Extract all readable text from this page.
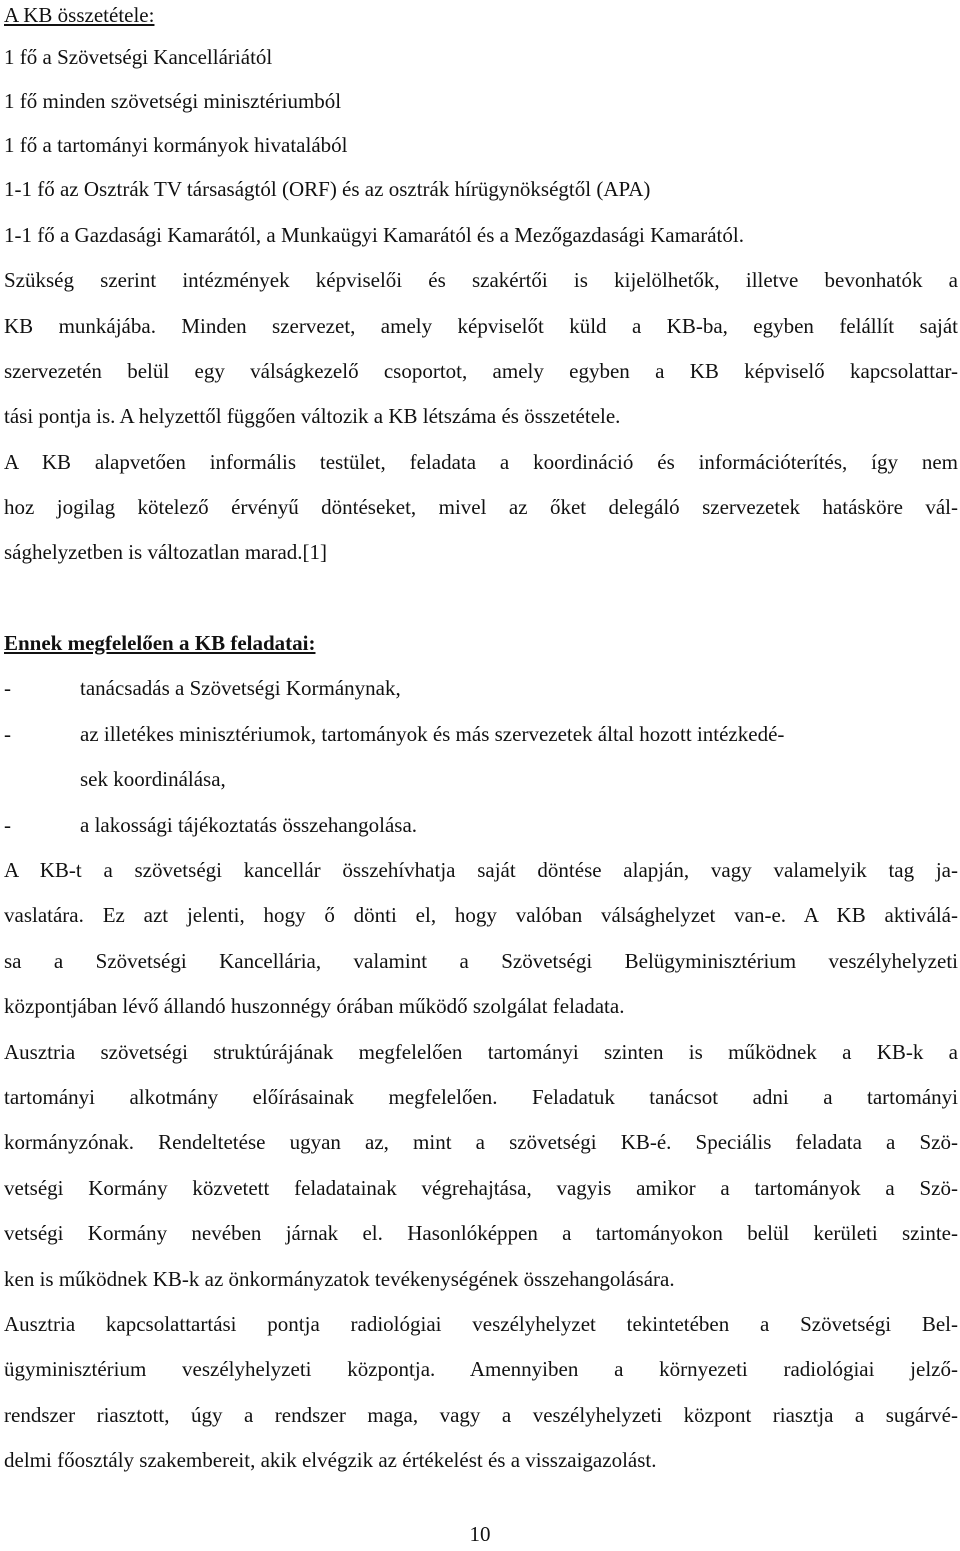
A KB összetétele:
1 fő a Szövetségi Kancelláriától
1 fő minden szövetségi minisztériumból
1 fő a tartományi kormányok hivatalából
1-1 fő az Osztrák TV társaságtól (ORF) és az osztrák hírügynökségtől (APA)
1-1 fő a Gazdasági Kamarától, a Munkaügyi Kamarától és a Mezőgazdasági Kamarától.
Szükség szerint intézmények képviselői és szakértői is kijelölhetők, illetve bevonhatók a
KB munkájába. Minden szervezet, amely képviselőt küld a KB-ba, egyben felállít saját
szervezetén belül egy válságkezelő csoportot, amely egyben a KB képviselő kapcsolattar-
tási pontja is. A helyzettől függően változik a KB létszáma és összetétele.
A KB alapvetően informális testület, feladata a koordináció és információterítés, így nem
hoz jogilag kötelező érvényű döntéseket, mivel az őket delegáló szervezetek hatásköre vál-
sághelyzetben is változatlan marad.[1]
Ennek megfelelően a KB feladatai:
-	tanácsadás a Szövetségi Kormánynak,
-	az illetékes minisztériumok, tartományok és más szervezetek által hozott intézkedé-
sek koordinálása,
-	a lakossági tájékoztatás összehangolása.
A KB-t a szövetségi kancellár összehívhatja saját döntése alapján, vagy valamelyik tag ja-
vaslatára. Ez azt jelenti, hogy ő dönti el, hogy valóban válsághelyzet van-e. A KB aktiválá-
sa a Szövetségi Kancellária, valamint a Szövetségi Belügyminisztérium veszélyhelyzeti
központjában lévő állandó huszonnégy órában működő szolgálat feladata.
Ausztria szövetségi struktúrájának megfelelően tartományi szinten is működnek a KB-k a
tartományi alkotmány előírásainak megfelelően. Feladatuk tanácsot adni a tartományi
kormányzónak. Rendeltetése ugyan az, mint a szövetségi KB-é. Speciális feladata a Szö-
vetségi Kormány közvetett feladatainak végrehajtása, vagyis amikor a tartományok a Szö-
vetségi Kormány nevében járnak el. Hasonlóképpen a tartományokon belül kerületi szinte-
ken is működnek KB-k az önkormányzatok tevékenységének összehangolására.
Ausztria kapcsolattartási pontja radiológiai veszélyhelyzet tekintetében a Szövetségi Bel-
ügyminisztérium veszélyhelyzeti központja. Amennyiben a környezeti radiológiai jelző-
rendszer riasztott, úgy a rendszer maga, vagy a veszélyhelyzeti központ riasztja a sugárvé-
delmi főosztály szakembereit, akik elvégzik az értékelést és a visszaigazolást.
10
